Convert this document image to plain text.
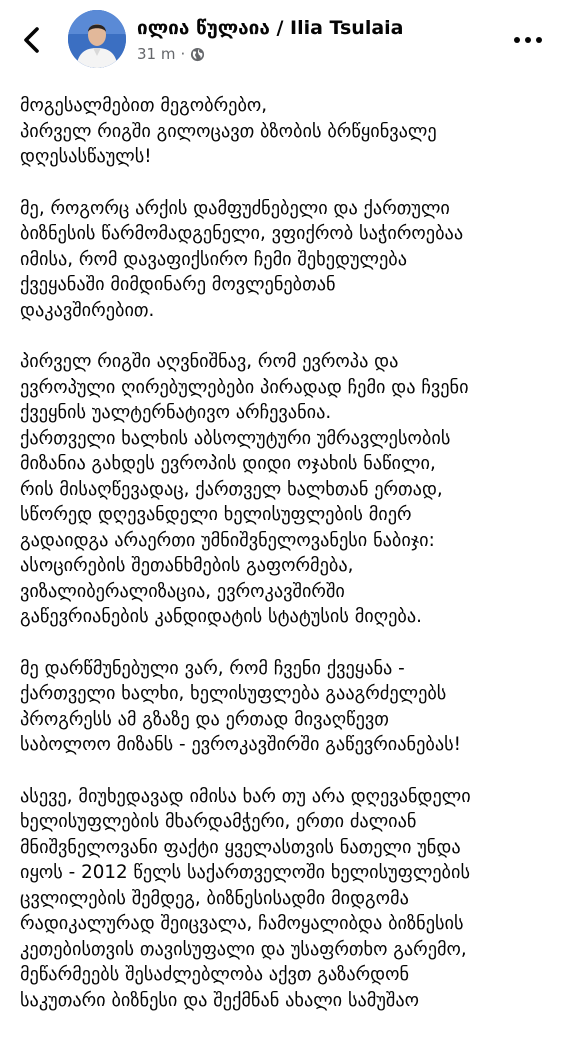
ილია წულაია / Ilia Tsulaia
31 m ·

მოგესალმებით მეგობრებო,
პირველ რიგში გილოცავთ ბზობის ბრწყინვალე
დღესასწაულს!

მე, როგორც არქის დამფუძნებელი და ქართული
ბიზნესის წარმომადგენელი, ვფიქრობ საჭიროებაა
იმისა, რომ დავაფიქსირო ჩემი შეხედულება
ქვეყანაში მიმდინარე მოვლენებთან
დაკავშირებით.

პირველ რიგში აღვნიშნავ, რომ ევროპა და
ევროპული ღირებულებები პირადად ჩემი და ჩვენი
ქვეყნის უალტერნატივო არჩევანია.
ქართველი ხალხის აბსოლუტური უმრავლესობის
მიზანია გახდეს ევროპის დიდი ოჯახის ნაწილი,
რის მისაღწევადაც, ქართველ ხალხთან ერთად,
სწორედ დღევანდელი ხელისუფლების მიერ
გადაიდგა არაერთი უმნიშვნელოვანესი ნაბიჯი:
ასოცირების შეთანხმების გაფორმება,
ვიზალიბერალიზაცია, ევროკავშირში
გაწევრიანების კანდიდატის სტატუსის მიღება.

მე დარწმუნებული ვარ, რომ ჩვენი ქვეყანა -
ქართველი ხალხი, ხელისუფლება გააგრძელებს
პროგრესს ამ გზაზე და ერთად მივაღწევთ
საბოლოო მიზანს - ევროკავშირში გაწევრიანებას!

ასევე, მიუხედავად იმისა ხარ თუ არა დღევანდელი
ხელისუფლების მხარდამჭერი, ერთი ძალიან
მნიშვნელოვანი ფაქტი ყველასთვის ნათელი უნდა
იყოს - 2012 წელს საქართველოში ხელისუფლების
ცვლილების შემდეგ, ბიზნესისადმი მიდგომა
რადიკალურად შეიცვალა, ჩამოყალიბდა ბიზნესის
კეთებისთვის თავისუფალი და უსაფრთხო გარემო,
მეწარმეებს შესაძლებლობა აქვთ გაზარდონ
საკუთარი ბიზნესი და შექმნან ახალი სამუშაო
